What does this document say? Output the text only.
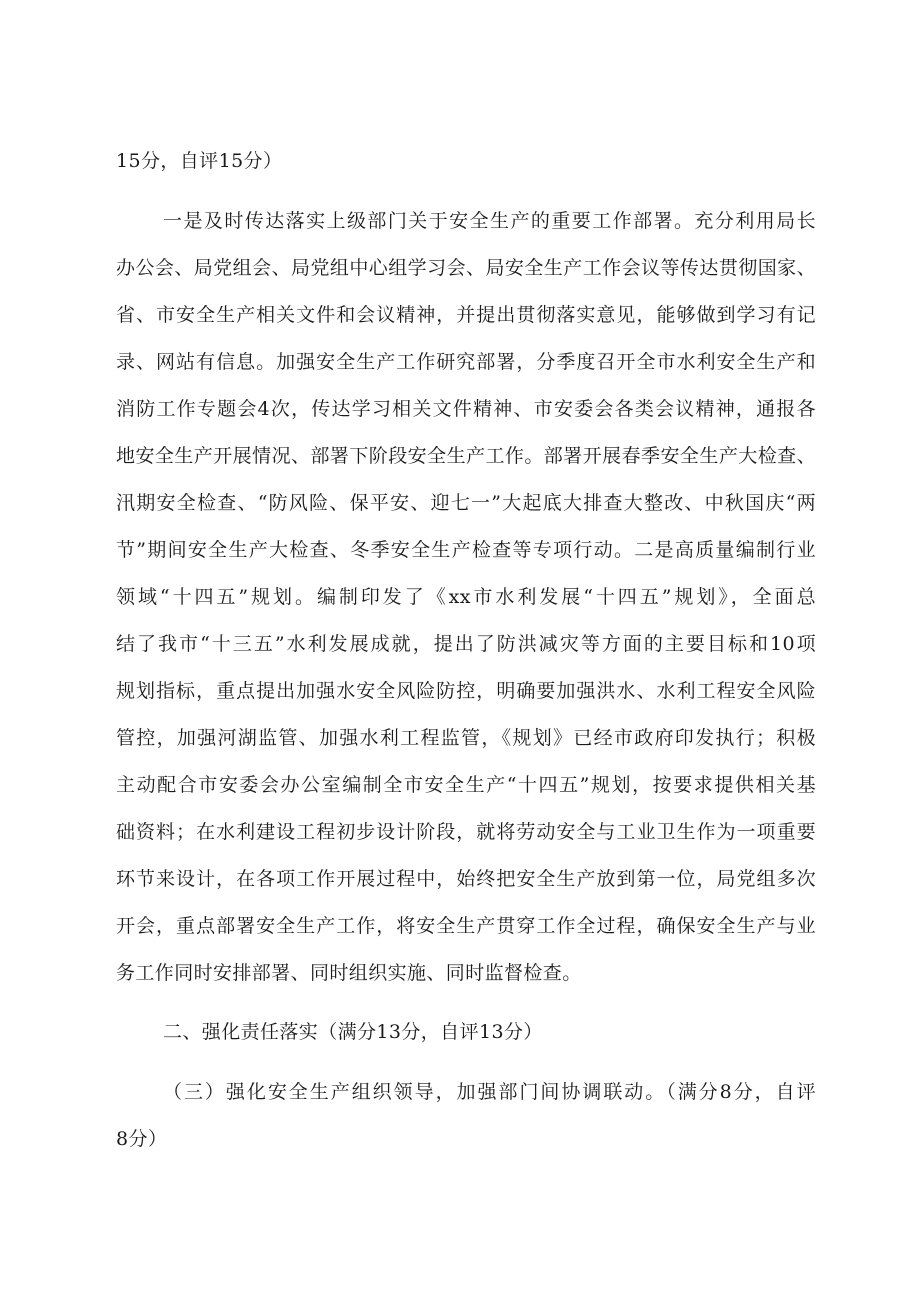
15分，自评15分）
一是及时传达落实上级部门关于安全生产的重要工作部署。充分利用局长
办公会、局党组会、局党组中心组学习会、局安全生产工作会议等传达贯彻国家、
省、市安全生产相关文件和会议精神，并提出贯彻落实意见，能够做到学习有记
录、网站有信息。加强安全生产工作研究部署，分季度召开全市水利安全生产和
消防工作专题会4次，传达学习相关文件精神、市安委会各类会议精神，通报各
地安全生产开展情况、部署下阶段安全生产工作。部署开展春季安全生产大检查、
汛期安全检查、“防风险、保平安、迎七一”大起底大排查大整改、中秋国庆“两
节”期间安全生产大检查、冬季安全生产检查等专项行动。二是高质量编制行业
领域“十四五”规划。编制印发了《xx市水利发展“十四五”规划》，全面总
结了我市“十三五”水利发展成就，提出了防洪减灾等方面的主要目标和10项
规划指标，重点提出加强水安全风险防控，明确要加强洪水、水利工程安全风险
管控，加强河湖监管、加强水利工程监管，《规划》已经市政府印发执行；积极
主动配合市安委会办公室编制全市安全生产“十四五”规划，按要求提供相关基
础资料；在水利建设工程初步设计阶段，就将劳动安全与工业卫生作为一项重要
环节来设计，在各项工作开展过程中，始终把安全生产放到第一位，局党组多次
开会，重点部署安全生产工作，将安全生产贯穿工作全过程，确保安全生产与业
务工作同时安排部署、同时组织实施、同时监督检查。
二、强化责任落实（满分13分，自评13分）
（三）强化安全生产组织领导，加强部门间协调联动。（满分8分，自评
8分）
